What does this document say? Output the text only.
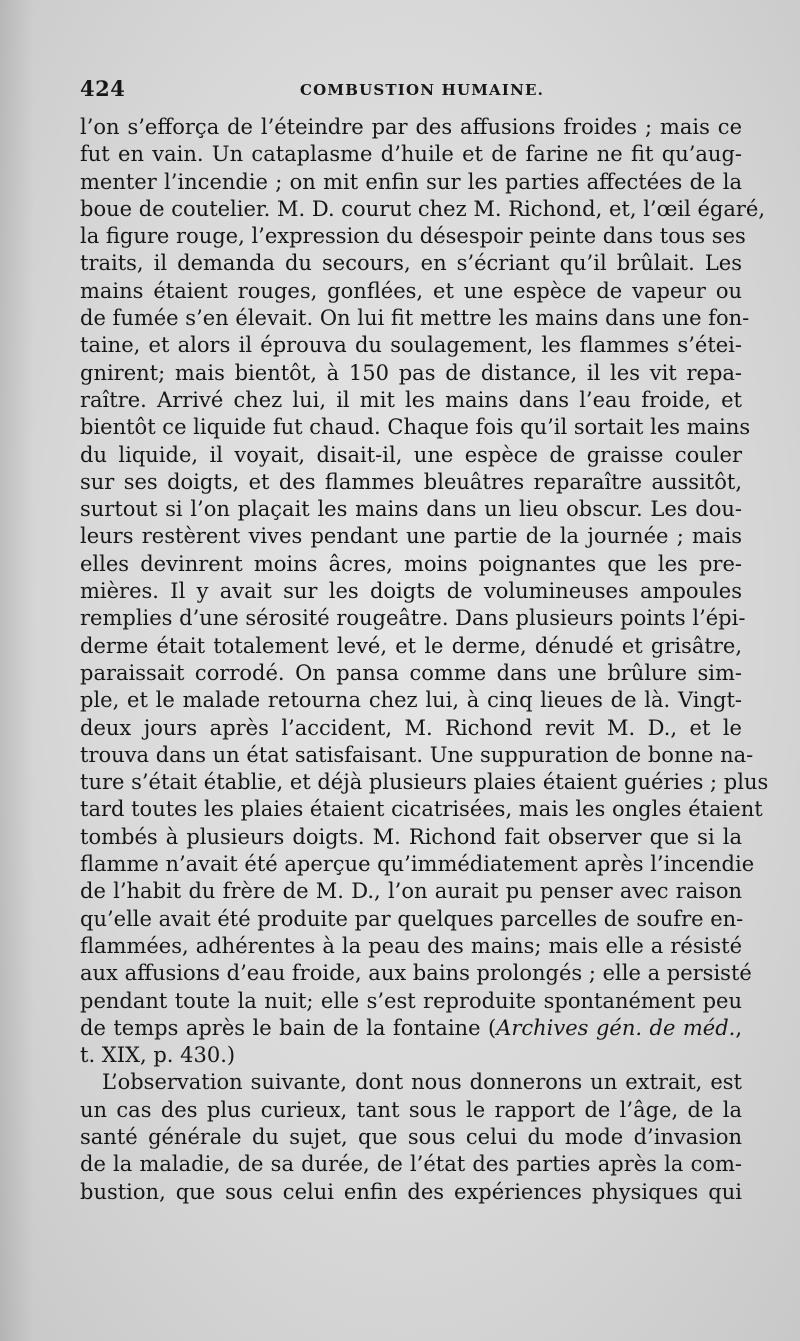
424	COMBUSTION HUMAINE.
l’on s’efforça de l’éteindre par des affusions froides ; mais ce
fut en vain. Un cataplasme d’huile et de farine ne fit qu’aug-
menter l’incendie ; on mit enfin sur les parties affectées de la
boue de coutelier. M. D. courut chez M. Richond, et, l’œil égaré,
la figure rouge, l’expression du désespoir peinte dans tous ses
traits, il demanda du secours, en s’écriant qu’il brûlait. Les
mains étaient rouges, gonflées, et une espèce de vapeur ou
de fumée s’en élevait. On lui fit mettre les mains dans une fon-
taine, et alors il éprouva du soulagement, les flammes s’étei-
gnirent; mais bientôt, à 150 pas de distance, il les vit repa-
raître. Arrivé chez lui, il mit les mains dans l’eau froide, et
bientôt ce liquide fut chaud. Chaque fois qu’il sortait les mains
du liquide, il voyait, disait-il, une espèce de graisse couler
sur ses doigts, et des flammes bleuâtres reparaître aussitôt,
surtout si l’on plaçait les mains dans un lieu obscur. Les dou-
leurs restèrent vives pendant une partie de la journée ; mais
elles devinrent moins âcres, moins poignantes que les pre-
mières. Il y avait sur les doigts de volumineuses ampoules
remplies d’une sérosité rougeâtre. Dans plusieurs points l’épi-
derme était totalement levé, et le derme, dénudé et grisâtre,
paraissait corrodé. On pansa comme dans une brûlure sim-
ple, et le malade retourna chez lui, à cinq lieues de là. Vingt-
deux jours après l’accident, M. Richond revit M. D., et le
trouva dans un état satisfaisant. Une suppuration de bonne na-
ture s’était établie, et déjà plusieurs plaies étaient guéries ; plus
tard toutes les plaies étaient cicatrisées, mais les ongles étaient
tombés à plusieurs doigts. M. Richond fait observer que si la
flamme n’avait été aperçue qu’immédiatement après l’incendie
de l’habit du frère de M. D., l’on aurait pu penser avec raison
qu’elle avait été produite par quelques parcelles de soufre en-
flammées, adhérentes à la peau des mains; mais elle a résisté
aux affusions d’eau froide, aux bains prolongés ; elle a persisté
pendant toute la nuit; elle s’est reproduite spontanément peu
de temps après le bain de la fontaine (Archives gén. de méd.,
t. XIX, p. 430.)
L’observation suivante, dont nous donnerons un extrait, est
un cas des plus curieux, tant sous le rapport de l’âge, de la
santé générale du sujet, que sous celui du mode d’invasion
de la maladie, de sa durée, de l’état des parties après la com-
bustion, que sous celui enfin des expériences physiques qui
